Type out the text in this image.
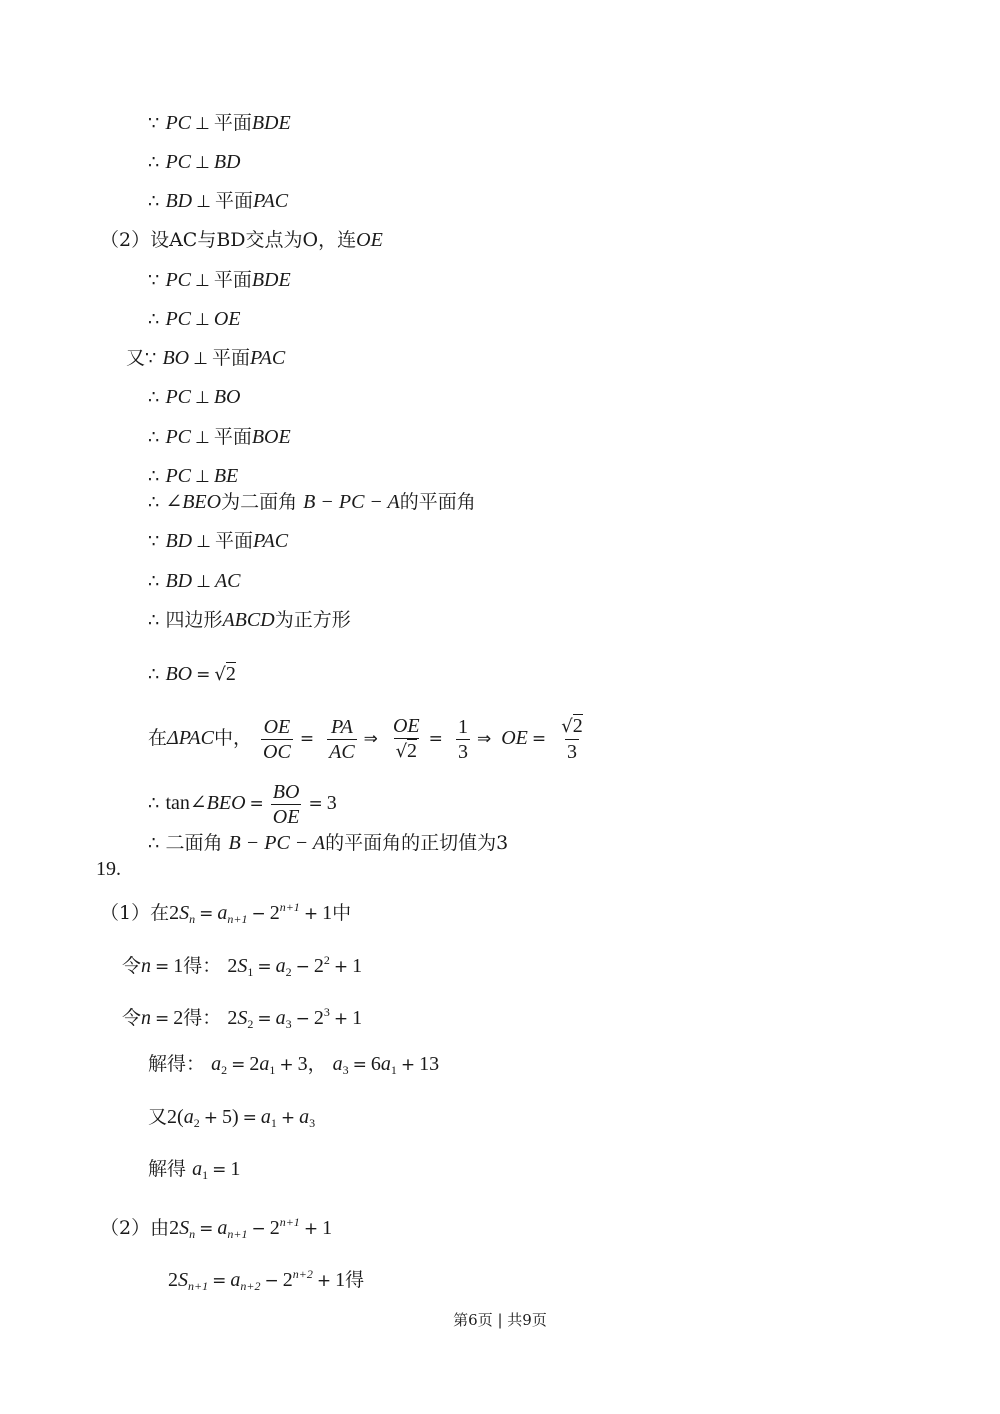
∵ PC ⊥ 平面BDE
∴ PC ⊥ BD
∴ BD ⊥ 平面PAC
（2）设AC与BD交点为O，连OE
∵ PC ⊥ 平面BDE
∴ PC ⊥ OE
又∵ BO ⊥ 平面PAC
∴ PC ⊥ BO
∴ PC ⊥ 平面BOE
∴ PC ⊥ BE
∴ ∠BEO为二面角 B − PC − A的平面角
∵ BD ⊥ 平面PAC
∴ BD ⊥ AC
∴ 四边形ABCD为正方形
∴ BO = √2
在ΔPAC中， $\frac{OE}{OC} = \frac{PA}{AC}$ ⇒ $\frac{OE}{√2} = \frac{1}{3}$ ⇒ OE = $\frac{√2}{3}$
∴ tan∠BEO = $\frac{BO}{OE} = 3$
∴ 二面角 B − PC − A的平面角的正切值为3
19.
（1）在$2S_n = a_{n+1} - 2^{n+1} + 1$中
令n = 1得： $2S_1 = a_2 - 2^2 + 1$
令n = 2得： $2S_2 = a_3 - 2^3 + 1$
解得： $a_2 = 2a_1 + 3$， $a_3 = 6a_1 + 13$
又$2(a_2 + 5) = a_1 + a_3$
解得 $a_1 = 1$
（2）由$2S_n = a_{n+1} - 2^{n+1} + 1$
$2S_{n+1} = a_{n+2} - 2^{n+2} + 1$得
第6页 | 共9页
